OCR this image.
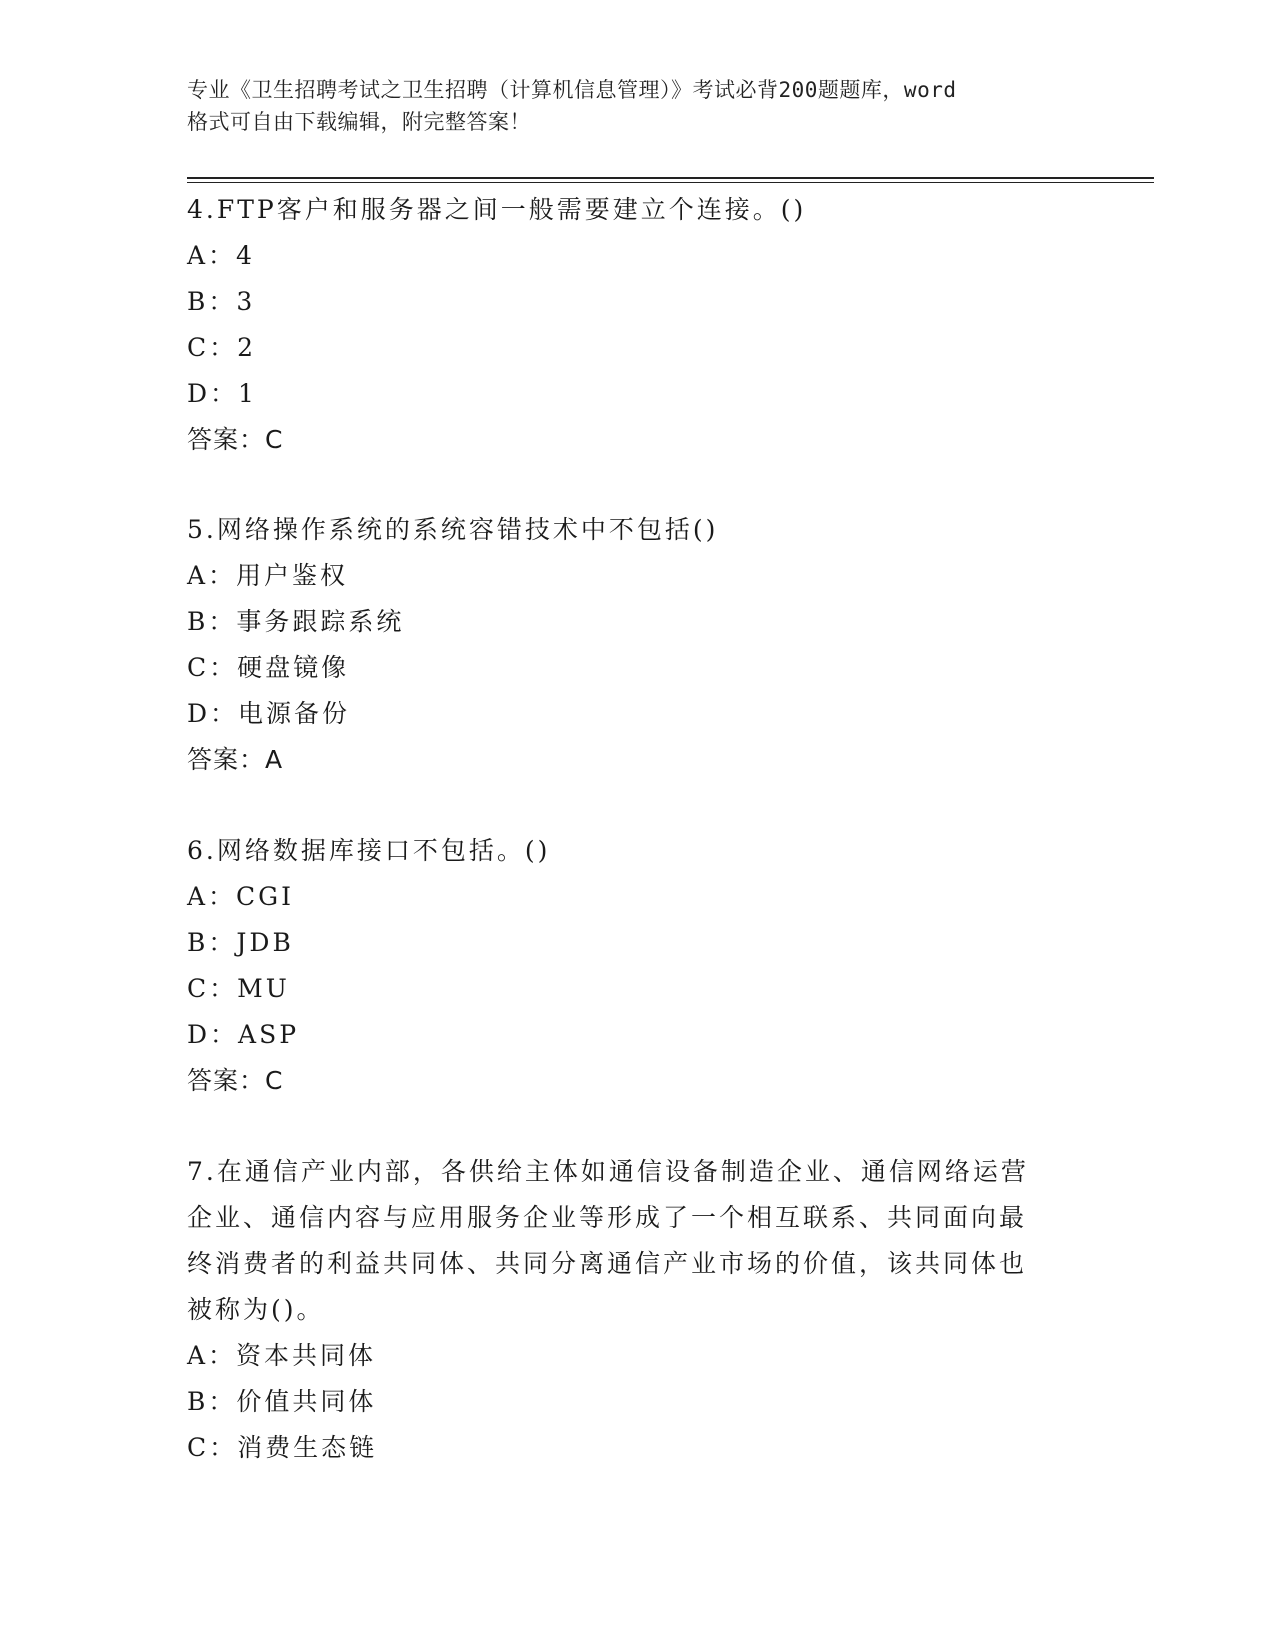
专业《卫生招聘考试之卫生招聘（计算机信息管理）》考试必背200题题库，word
格式可自由下载编辑，附完整答案！

4.FTP客户和服务器之间一般需要建立个连接。()

A：4

B：3

C：2

D：1

答案：C

5.网络操作系统的系统容错技术中不包括()

A：用户鉴权

B：事务跟踪系统

C：硬盘镜像

D：电源备份

答案：A

6.网络数据库接口不包括。()

A：CGI

B：JDB

C：MU

D：ASP

答案：C

7.在通信产业内部，各供给主体如通信设备制造企业、通信网络运营

企业、通信内容与应用服务企业等形成了一个相互联系、共同面向最

终消费者的利益共同体、共同分离通信产业市场的价值，该共同体也

被称为()。

A：资本共同体

B：价值共同体

C：消费生态链
